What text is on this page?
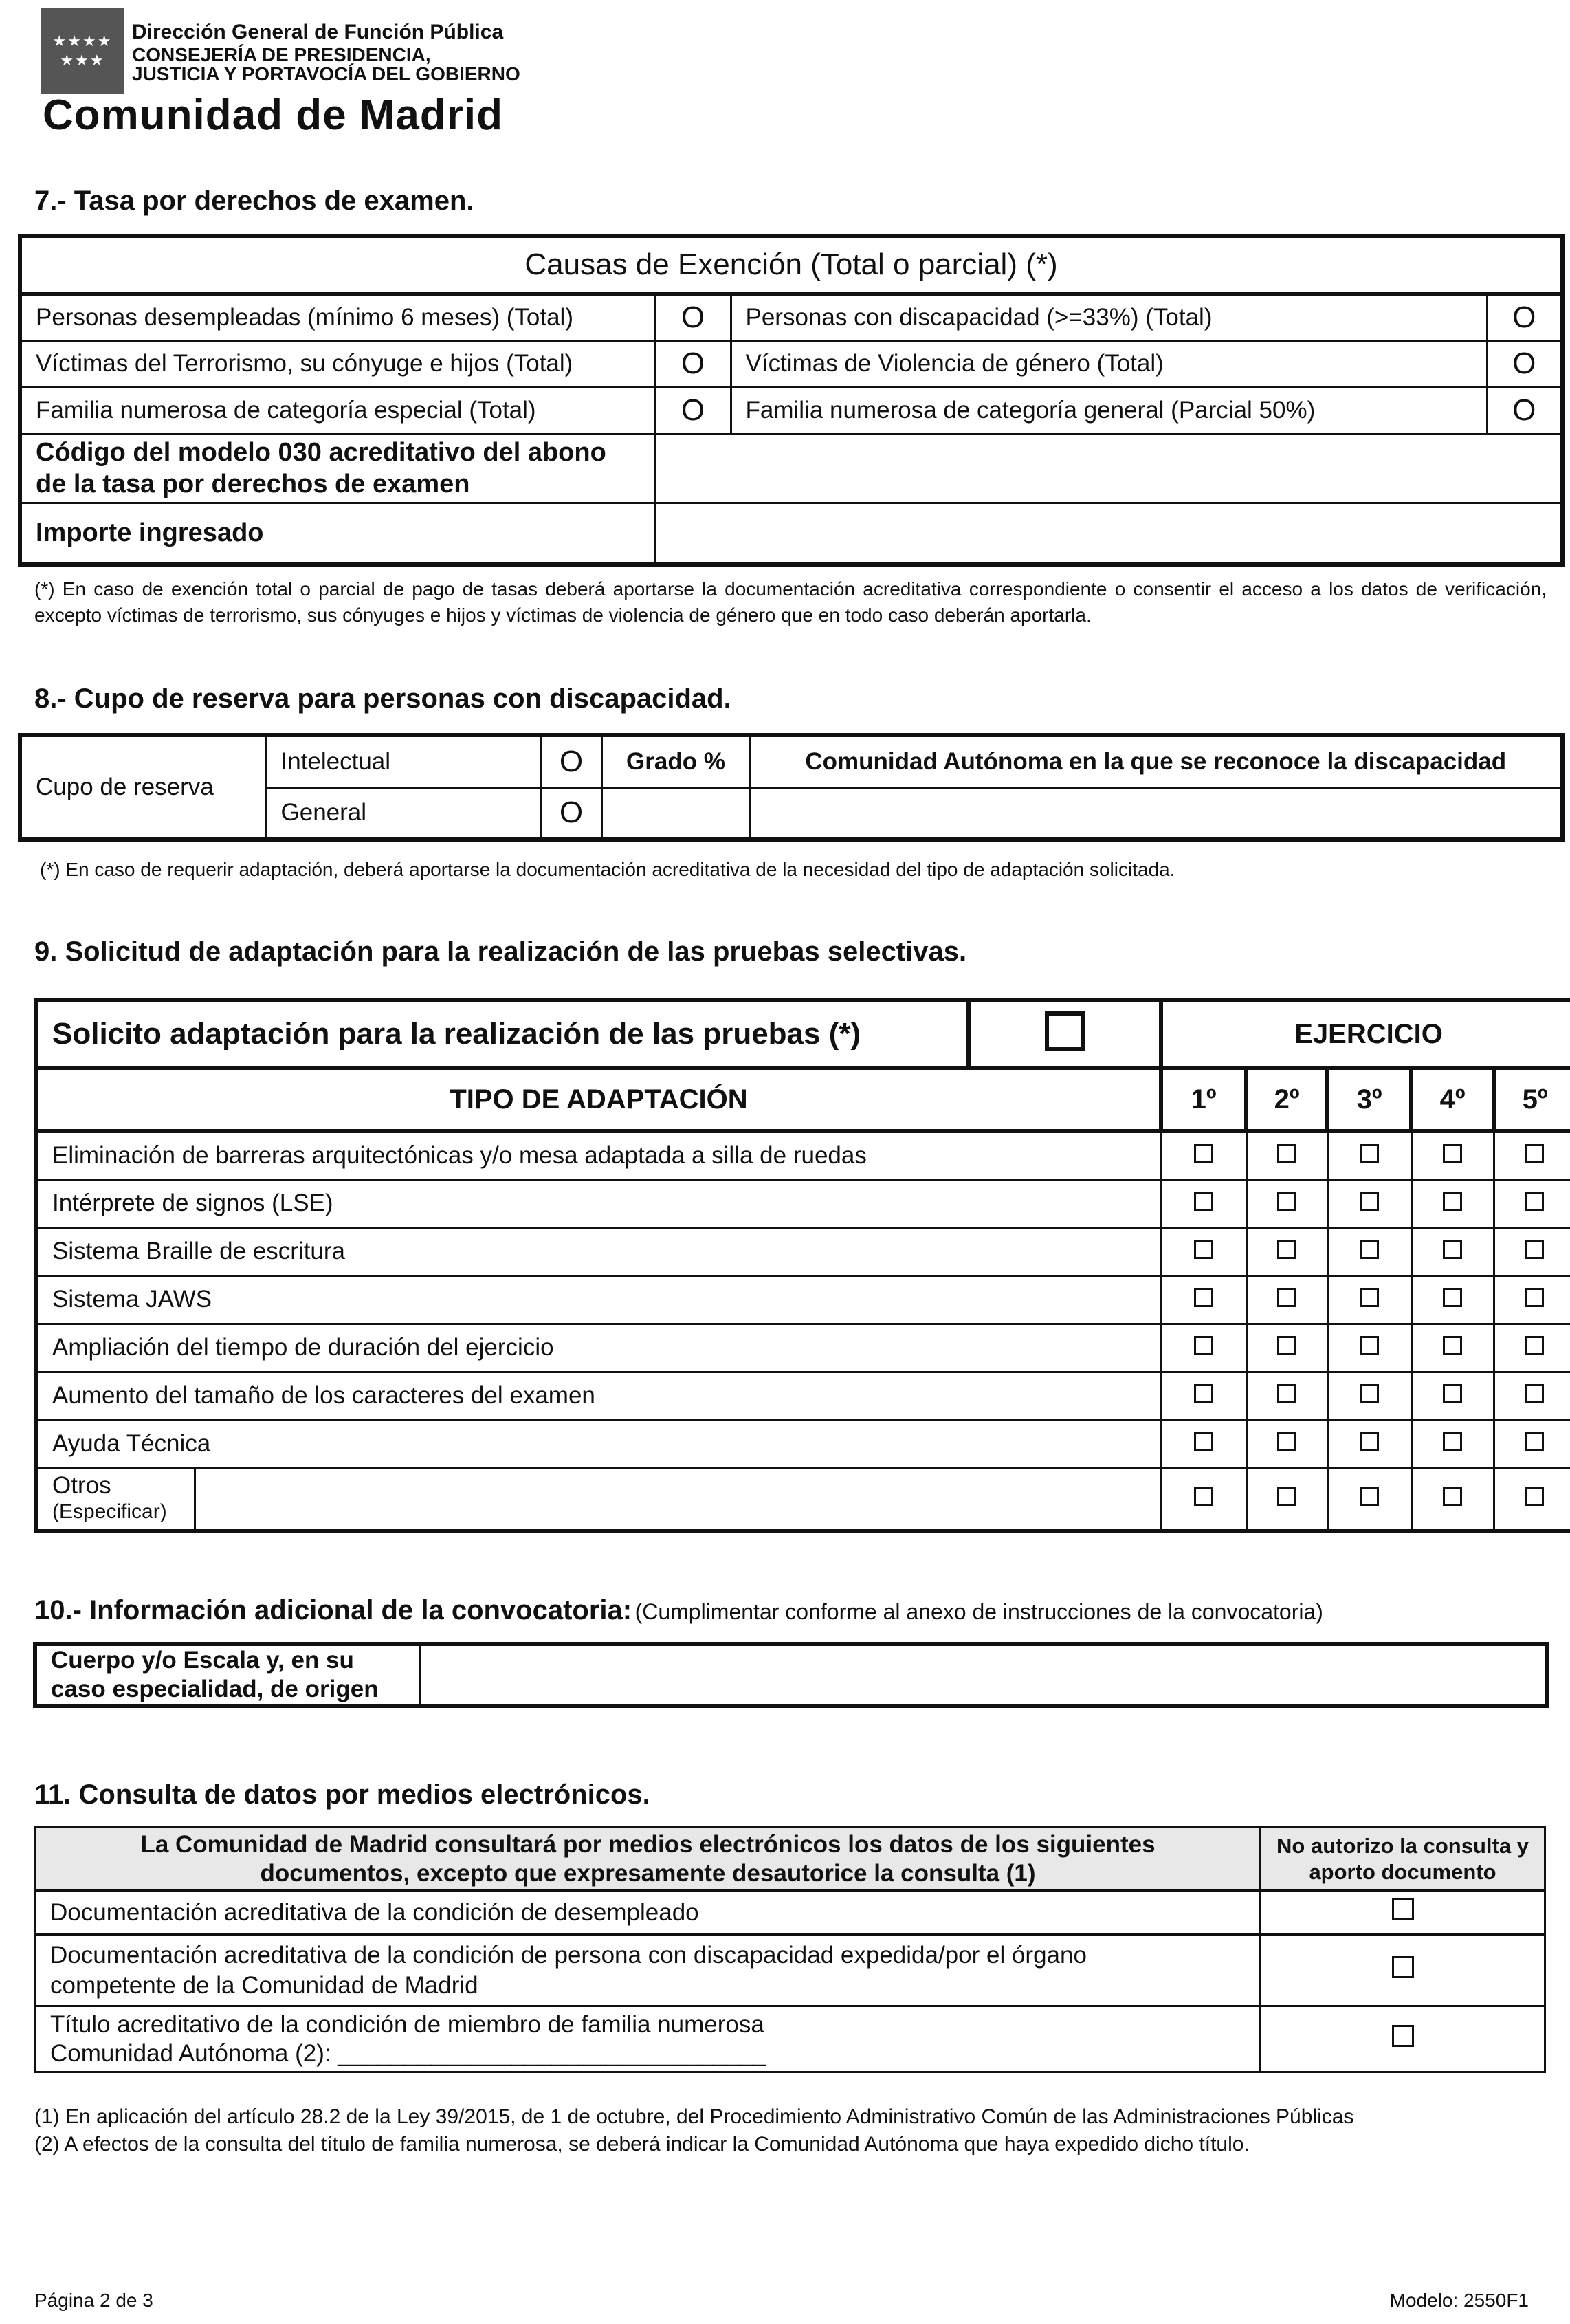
★★★★
★★★
Dirección General de Función Pública
CONSEJERÍA DE PRESIDENCIA,
JUSTICIA Y PORTAVOCÍA DEL GOBIERNO
Comunidad de Madrid
7.- Tasa por derechos de examen.
Causas de Exención (Total o parcial) (*)			
Personas desempleadas (mínimo 6 meses) (Total)	O	Personas con discapacidad (>=33%) (Total)	O
Víctimas del Terrorismo, su cónyuge e hijos (Total)	O	Víctimas de Violencia de género (Total)	O
Familia numerosa de categoría especial (Total)	O	Familia numerosa de categoría general (Parcial 50%)	O
Código del modelo 030 acreditativo del abono de la tasa por derechos de examen			
Importe ingresado			
(*) En caso de exención total o parcial de pago de tasas deberá aportarse la documentación acreditativa correspondiente o consentir el acceso a los datos de verificación, excepto víctimas de terrorismo, sus cónyuges e hijos y víctimas de violencia de género que en todo caso deberán aportarla.
8.- Cupo de reserva para personas con discapacidad.
Cupo de reserva	Intelectual	O	Grado %	Comunidad Autónoma en la que se reconoce la discapacidad
	General	O		
(*) En caso de requerir adaptación, deberá aportarse la documentación acreditativa de la necesidad del tipo de adaptación solicitada.
9. Solicitud de adaptación para la realización de las pruebas selectivas.
Solicito adaptación para la realización de las pruebas (*)			EJERCICIO				
TIPO DE ADAPTACIÓN			1º	2º	3º	4º	5º
Eliminación de barreras arquitectónicas y/o mesa adaptada a silla de ruedas							
Intérprete de signos (LSE)							
Sistema Braille de escritura							
Sistema JAWS							
Ampliación del tiempo de duración del ejercicio							
Aumento del tamaño de los caracteres del examen							
Ayuda Técnica							

Otros
(Especificar)							

10.- Información adicional de la convocatoria: (Cumplimentar conforme al anexo de instrucciones de la convocatoria)
Cuerpo y/o Escala y, en su caso especialidad, de origen	
11. Consulta de datos por medios electrónicos.
La Comunidad de Madrid consultará por medios electrónicos los datos de los siguientes documentos, excepto que expresamente desautorice la consulta (1)	No autorizo la consulta y aporto documento
Documentación acreditativa de la condición de desempleado	
Documentación acreditativa de la condición de persona con discapacidad expedida/por el órgano competente de la Comunidad de Madrid	

Título acreditativo de la condición de miembro de familia numerosa
Comunidad Autónoma (2): ________________________________	

(1) En aplicación del artículo 28.2 de la Ley 39/2015, de 1 de octubre, del Procedimiento Administrativo Común de las Administraciones Públicas
(2) A efectos de la consulta del título de familia numerosa, se deberá indicar la Comunidad Autónoma que haya expedido dicho título.
Página 2 de 3	Modelo: 2550F1
